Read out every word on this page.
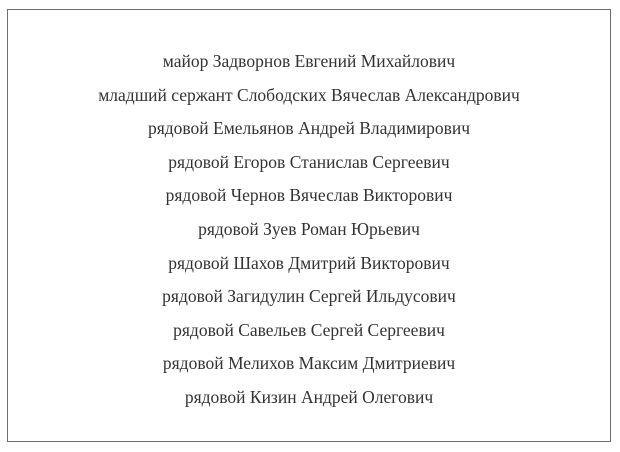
майор Задворнов Евгений Михайлович
младший сержант Слободских Вячеслав Александрович
рядовой Емельянов Андрей Владимирович
рядовой Егоров Станислав Сергеевич
рядовой Чернов Вячеслав Викторович
рядовой Зуев Роман Юрьевич
рядовой Шахов Дмитрий Викторович
рядовой Загидулин Сергей Ильдусович
рядовой Савельев Сергей Сергеевич
рядовой Мелихов Максим Дмитриевич
рядовой Кизин Андрей Олегович
